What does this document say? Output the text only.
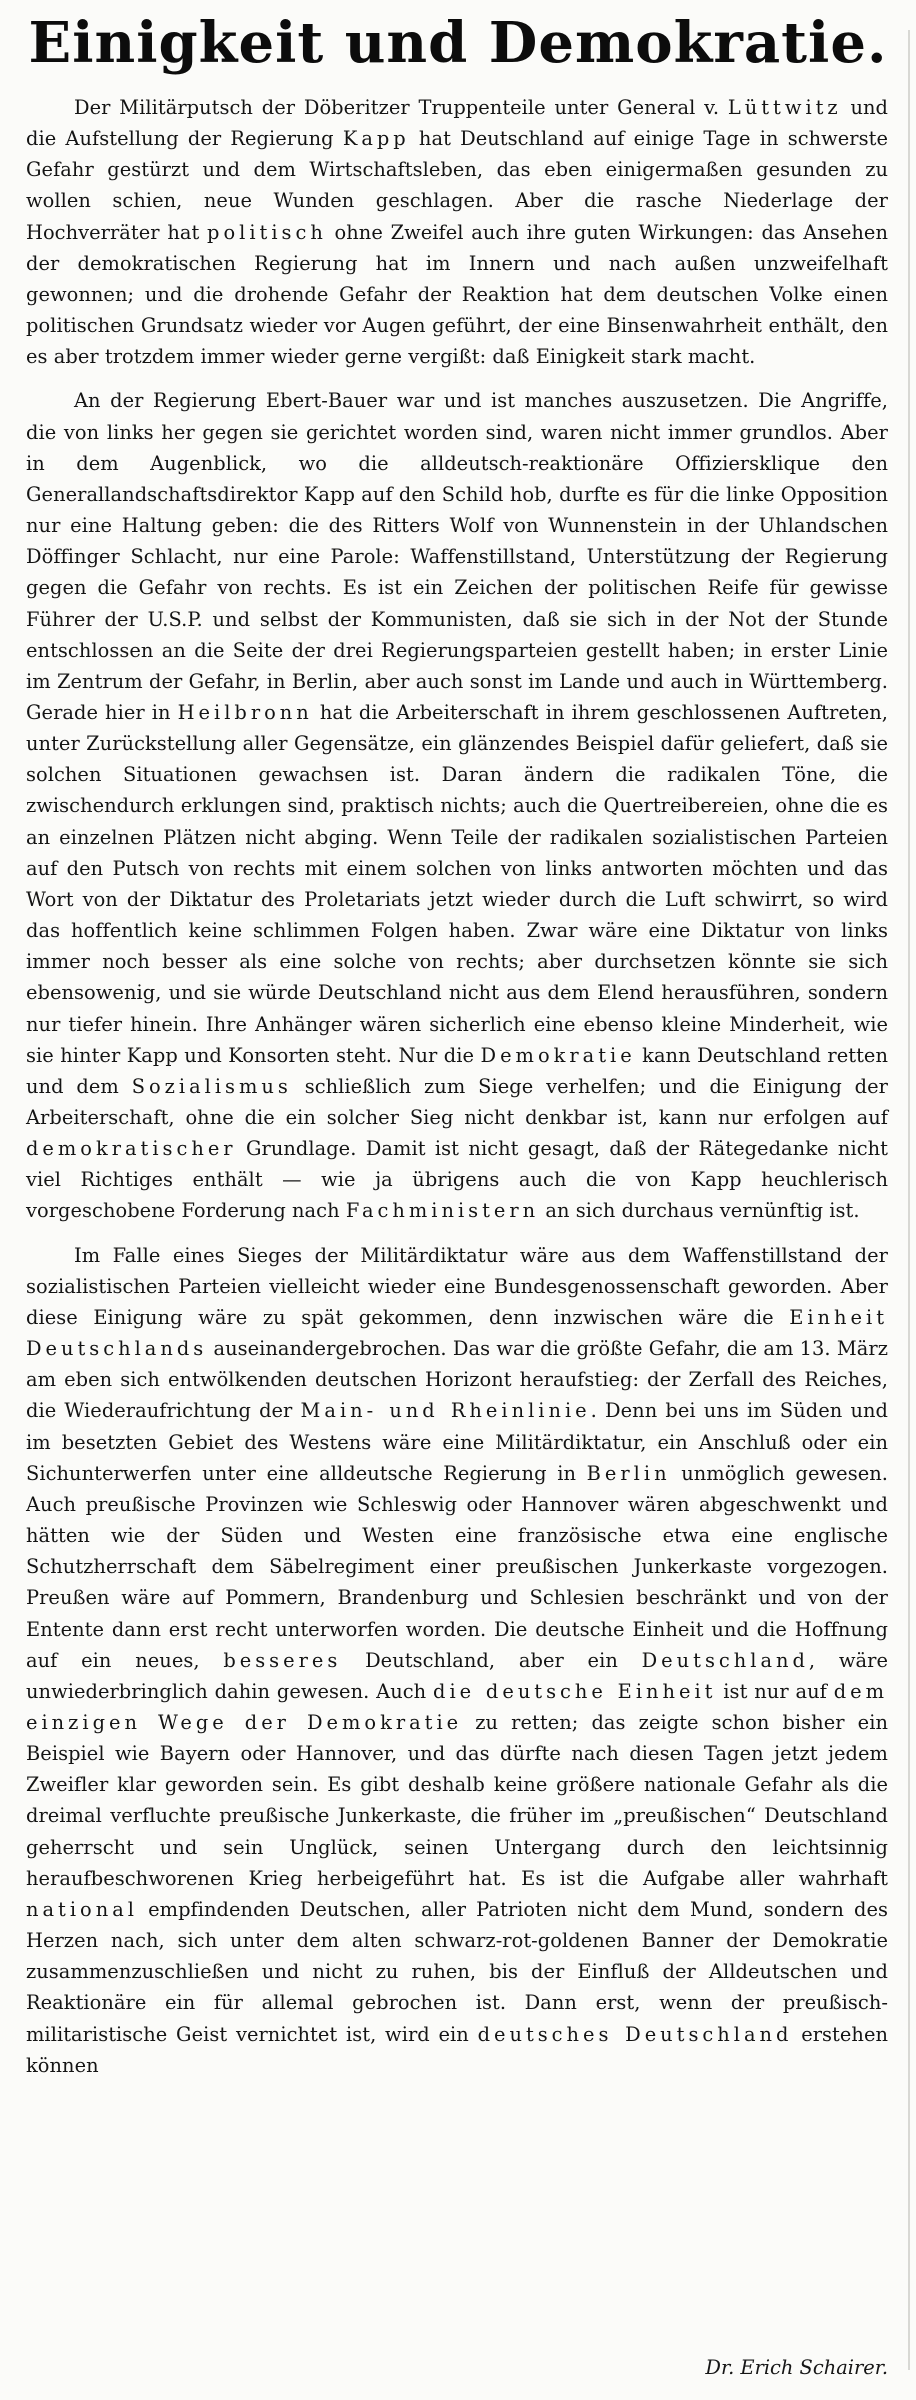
Einigkeit und Demokratie.

Der Militärputsch der Döberitzer Truppenteile unter General v. Lüttwitz und die Aufstellung der Regierung Kapp hat Deutschland auf einige Tage in schwerste Gefahr gestürzt und dem Wirtschaftsleben, das eben einigermaßen gesunden zu wollen schien, neue Wunden geschlagen. Aber die rasche Niederlage der Hochverräter hat politisch ohne Zweifel auch ihre guten Wirkungen: das Ansehen der demokratischen Regierung hat im Innern und nach außen unzweifelhaft gewonnen; und die drohende Gefahr der Reaktion hat dem deutschen Volke einen politischen Grundsatz wieder vor Augen geführt, der eine Binsenwahrheit enthält, den es aber trotzdem immer wieder gerne vergißt: daß Einigkeit stark macht.

An der Regierung Ebert-Bauer war und ist manches auszusetzen. Die Angriffe, die von links her gegen sie gerichtet worden sind, waren nicht immer grundlos. Aber in dem Augenblick, wo die alldeutsch-reaktionäre Offiziersklique den Generallandschaftsdirektor Kapp auf den Schild hob, durfte es für die linke Opposition nur eine Haltung geben: die des Ritters Wolf von Wunnenstein in der Uhlandschen Döffinger Schlacht, nur eine Parole: Waffenstillstand, Unterstützung der Regierung gegen die Gefahr von rechts. Es ist ein Zeichen der politischen Reife für gewisse Führer der U.S.P. und selbst der Kommunisten, daß sie sich in der Not der Stunde entschlossen an die Seite der drei Regierungsparteien gestellt haben; in erster Linie im Zentrum der Gefahr, in Berlin, aber auch sonst im Lande und auch in Württemberg. Gerade hier in Heilbronn hat die Arbeiterschaft in ihrem geschlossenen Auftreten, unter Zurückstellung aller Gegensätze, ein glänzendes Beispiel dafür geliefert, daß sie solchen Situationen gewachsen ist. Daran ändern die radikalen Töne, die zwischendurch erklungen sind, praktisch nichts; auch die Quertreibereien, ohne die es an einzelnen Plätzen nicht abging. Wenn Teile der radikalen sozialistischen Parteien auf den Putsch von rechts mit einem solchen von links antworten möchten und das Wort von der Diktatur des Proletariats jetzt wieder durch die Luft schwirrt, so wird das hoffentlich keine schlimmen Folgen haben. Zwar wäre eine Diktatur von links immer noch besser als eine solche von rechts; aber durchsetzen könnte sie sich ebensowenig, und sie würde Deutschland nicht aus dem Elend herausführen, sondern nur tiefer hinein. Ihre Anhänger wären sicherlich eine ebenso kleine Minderheit, wie sie hinter Kapp und Konsorten steht. Nur die Demokratie kann Deutschland retten und dem Sozialismus schließlich zum Siege verhelfen; und die Einigung der Arbeiterschaft, ohne die ein solcher Sieg nicht denkbar ist, kann nur erfolgen auf demokratischer Grundlage. Damit ist nicht gesagt, daß der Rätegedanke nicht viel Richtiges enthält — wie ja übrigens auch die von Kapp heuchlerisch vorgeschobene Forderung nach Fachministern an sich durchaus vernünftig ist.

Im Falle eines Sieges der Militärdiktatur wäre aus dem Waffenstillstand der sozialistischen Parteien vielleicht wieder eine Bundesgenossenschaft geworden. Aber diese Einigung wäre zu spät gekommen, denn inzwischen wäre die Einheit Deutschlands auseinandergebrochen. Das war die größte Gefahr, die am 13. März am eben sich entwölkenden deutschen Horizont heraufstieg: der Zerfall des Reiches, die Wiederaufrichtung der Main- und Rheinlinie. Denn bei uns im Süden und im besetzten Gebiet des Westens wäre eine Militärdiktatur, ein Anschluß oder ein Sichunterwerfen unter eine alldeutsche Regierung in Berlin unmöglich gewesen. Auch preußische Provinzen wie Schleswig oder Hannover wären abgeschwenkt und hätten wie der Süden und Westen eine französische etwa eine englische Schutzherrschaft dem Säbelregiment einer preußischen Junkerkaste vorgezogen. Preußen wäre auf Pommern, Brandenburg und Schlesien beschränkt und von der Entente dann erst recht unterworfen worden. Die deutsche Einheit und die Hoffnung auf ein neues, besseres Deutschland, aber ein Deutschland, wäre unwiederbringlich dahin gewesen. Auch die deutsche Einheit ist nur auf dem einzigen Wege der Demokratie zu retten; das zeigte schon bisher ein Beispiel wie Bayern oder Hannover, und das dürfte nach diesen Tagen jetzt jedem Zweifler klar geworden sein. Es gibt deshalb keine größere nationale Gefahr als die dreimal verfluchte preußische Junkerkaste, die früher im „preußischen“ Deutschland geherrscht und sein Unglück, seinen Untergang durch den leichtsinnig heraufbeschworenen Krieg herbeigeführt hat. Es ist die Aufgabe aller wahrhaft national empfindenden Deutschen, aller Patrioten nicht dem Mund, sondern des Herzen nach, sich unter dem alten schwarz-rot-goldenen Banner der Demokratie zusammenzuschließen und nicht zu ruhen, bis der Einfluß der Alldeutschen und Reaktionäre ein für allemal gebrochen ist. Dann erst, wenn der preußisch-militaristische Geist vernichtet ist, wird ein deutsches Deutschland erstehen können

Dr. Erich Schairer.
